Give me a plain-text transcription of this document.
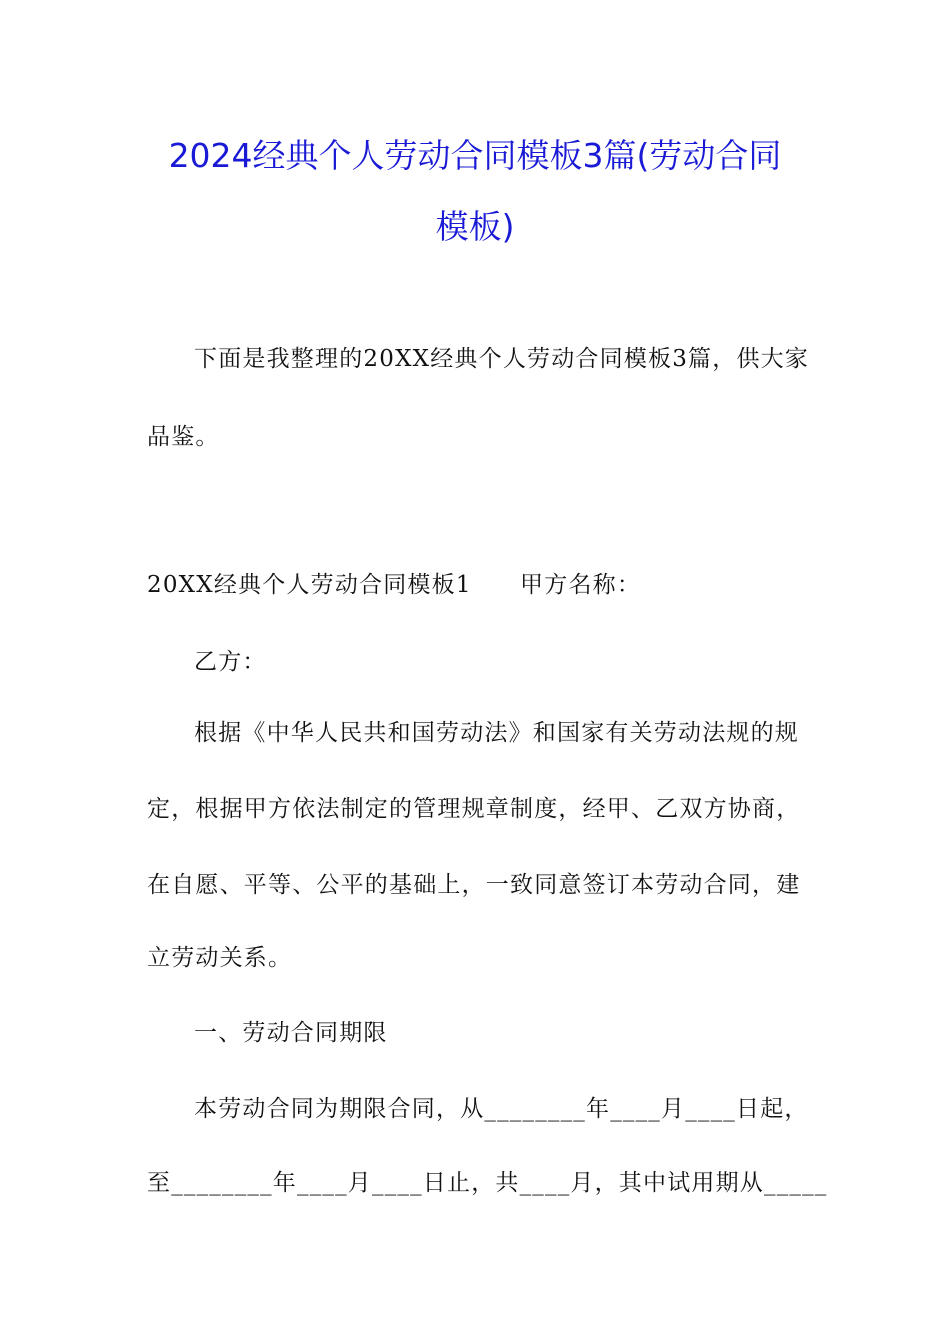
2024经典个人劳动合同模板3篇(劳动合同
模板)
下面是我整理的20XX经典个人劳动合同模板3篇，供大家
品鉴。
20XX经典个人劳动合同模板1　　甲方名称：
乙方：
根据《中华人民共和国劳动法》和国家有关劳动法规的规
定，根据甲方依法制定的管理规章制度，经甲、乙双方协商，
在自愿、平等、公平的基础上，一致同意签订本劳动合同，建
立劳动关系。
一、劳动合同期限
本劳动合同为期限合同，从________年____月____日起，
至________年____月____日止，共____月，其中试用期从_____
